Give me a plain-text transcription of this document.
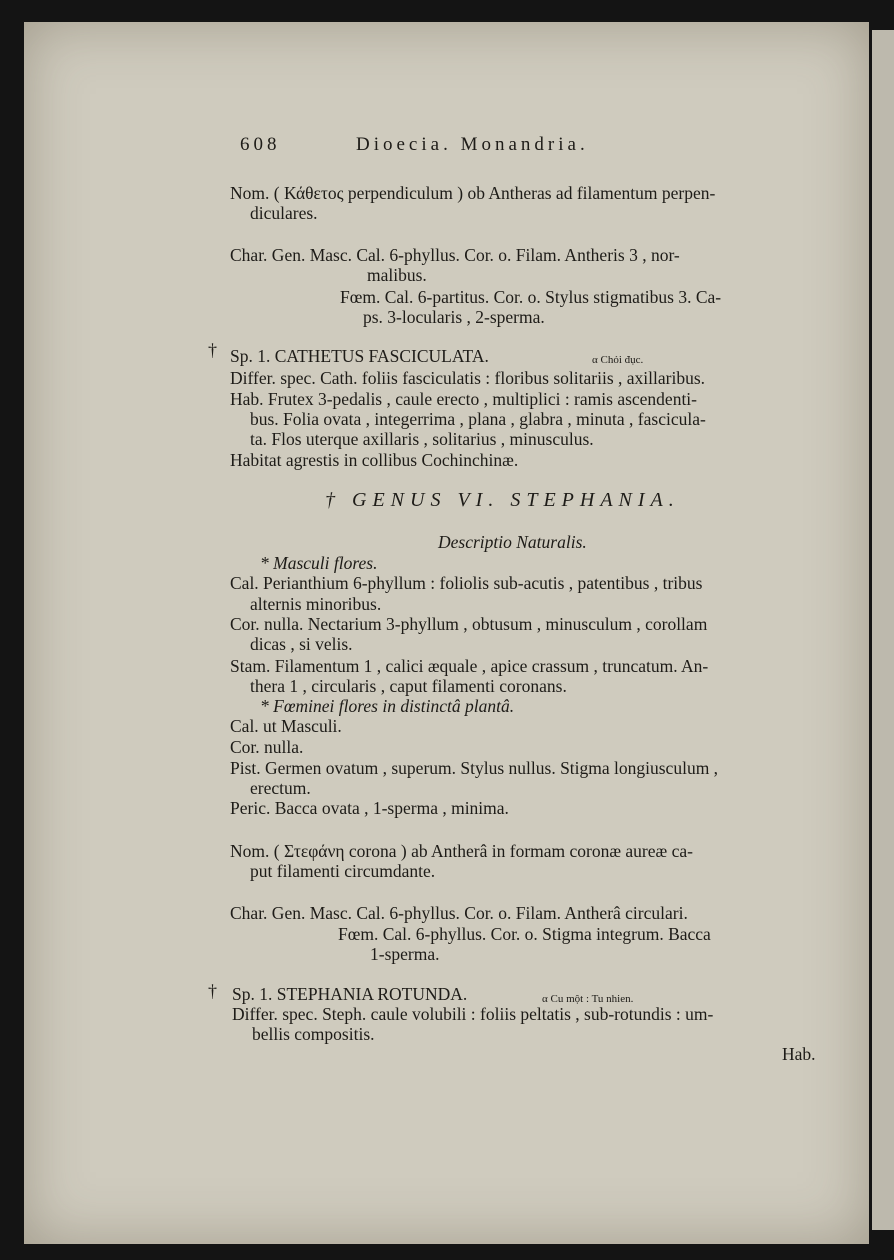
608	Dioecia. Monandria.
Nom. ( Κάθετος perpendiculum ) ob Antheras ad filamentum perpen-
diculares.
Char. Gen. Masc. Cal. 6-phyllus. Cor. o. Filam. Antheris 3 , nor-
malibus.
Fœm. Cal. 6-partitus. Cor. o. Stylus stigmatibus 3. Ca-
ps. 3-locularis , 2-sperma.
† Sp. 1. CATHETUS FASCICULATA.	α Chỏi đục.
Differ. spec. Cath. foliis fasciculatis : floribus solitariis , axillaribus.
Hab. Frutex 3-pedalis , caule erecto , multiplici : ramis ascendenti-
bus. Folia ovata , integerrima , plana , glabra , minuta , fascicula-
ta. Flos uterque axillaris , solitarius , minusculus.
Habitat agrestis in collibus Cochinchinæ.
† GENUS VI. STEPHANIA.
Descriptio Naturalis.
* Masculi flores.
Cal. Perianthium 6-phyllum : foliolis sub-acutis , patentibus , tribus
alternis minoribus.
Cor. nulla. Nectarium 3-phyllum , obtusum , minusculum , corollam
dicas , si velis.
Stam. Filamentum 1 , calici æquale , apice crassum , truncatum. An-
thera 1 , circularis , caput filamenti coronans.
* Fœminei flores in distinctâ plantâ.
Cal. ut Masculi.
Cor. nulla.
Pist. Germen ovatum , superum. Stylus nullus. Stigma longiusculum ,
erectum.
Peric. Bacca ovata , 1-sperma , minima.
Nom. ( Στεφάνη corona ) ab Antherâ in formam coronæ aureæ ca-
put filamenti circumdante.
Char. Gen. Masc. Cal. 6-phyllus. Cor. o. Filam. Antherâ circulari.
Fœm. Cal. 6-phyllus. Cor. o. Stigma integrum. Bacca
1-sperma.
† Sp. 1. STEPHANIA ROTUNDA.	α Cu một : Tu nhien.
Differ. spec. Steph. caule volubili : foliis peltatis , sub-rotundis : um-
bellis compositis.
Hab.
